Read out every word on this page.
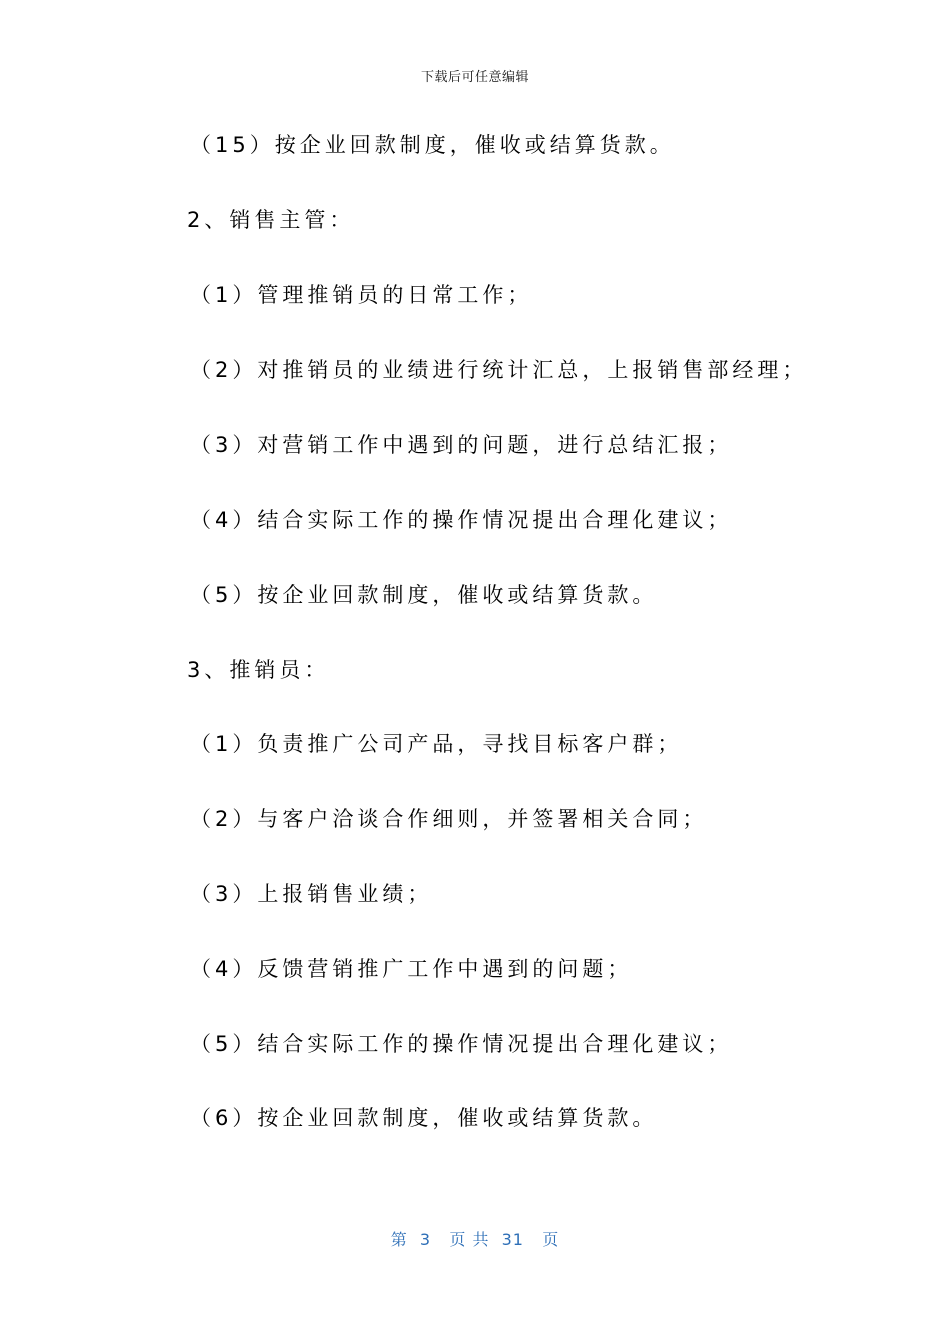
下载后可任意编辑
（15）按企业回款制度，催收或结算货款。
2、销售主管：
（1）管理推销员的日常工作；
（2）对推销员的业绩进行统计汇总，上报销售部经理；
（3）对营销工作中遇到的问题，进行总结汇报；
（4）结合实际工作的操作情况提出合理化建议；
（5）按企业回款制度，催收或结算货款。
3、推销员：
（1）负责推广公司产品，寻找目标客户群；
（2）与客户洽谈合作细则，并签署相关合同；
（3）上报销售业绩；
（4）反馈营销推广工作中遇到的问题；
（5）结合实际工作的操作情况提出合理化建议；
（6）按企业回款制度，催收或结算货款。
第  3   页 共  31   页
